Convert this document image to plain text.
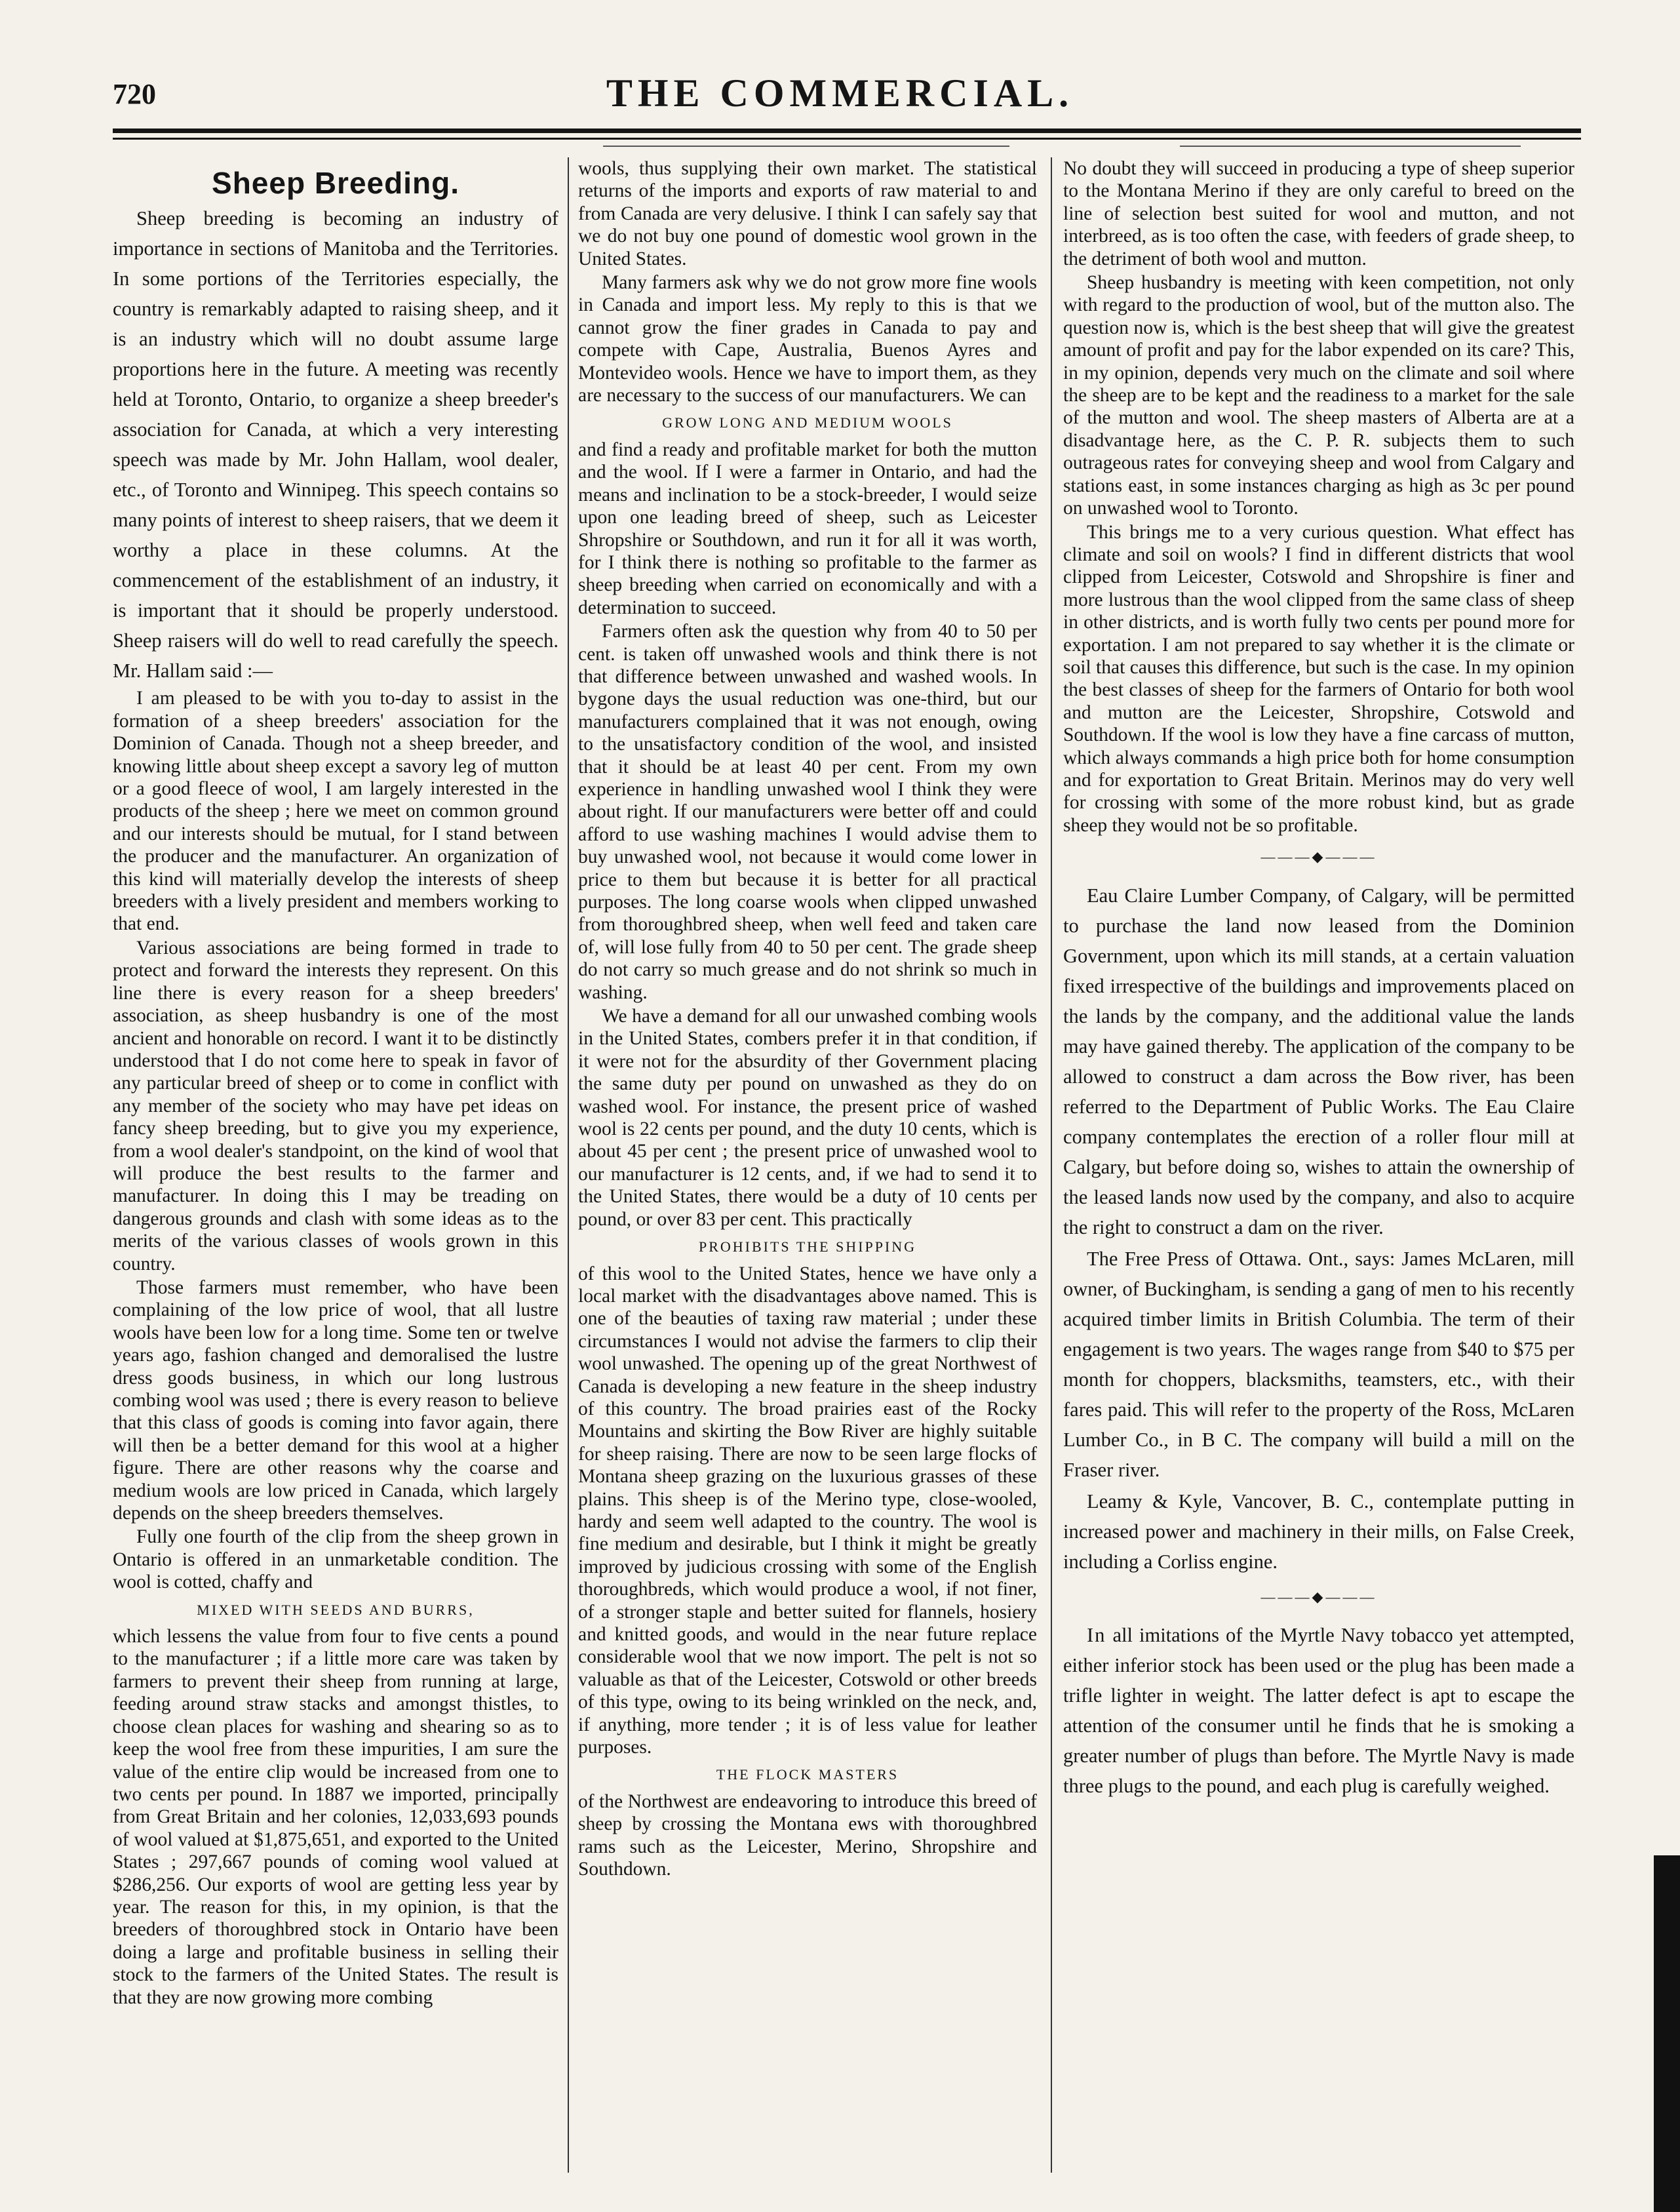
720	THE COMMERCIAL.
Sheep Breeding.

Sheep breeding is becoming an industry of importance in sections of Manitoba and the Territories. In some portions of the Territories especially, the country is remarkably adapted to raising sheep, and it is an industry which will no doubt assume large proportions here in the future. A meeting was recently held at Toronto, Ontario, to organize a sheep breeder's association for Canada, at which a very interesting speech was made by Mr. John Hallam, wool dealer, etc., of Toronto and Winnipeg. This speech contains so many points of interest to sheep raisers, that we deem it worthy a place in these columns. At the commencement of the establishment of an industry, it is important that it should be properly understood. Sheep raisers will do well to read carefully the speech. Mr. Hallam said :—

I am pleased to be with you to-day to assist in the formation of a sheep breeders' association for the Dominion of Canada. Though not a sheep breeder, and knowing little about sheep except a savory leg of mutton or a good fleece of wool, I am largely interested in the products of the sheep ; here we meet on common ground and our interests should be mutual, for I stand between the producer and the manufacturer. An organization of this kind will materially develop the interests of sheep breeders with a lively president and members working to that end.

Various associations are being formed in trade to protect and forward the interests they represent. On this line there is every reason for a sheep breeders' association, as sheep husbandry is one of the most ancient and honorable on record. I want it to be distinctly understood that I do not come here to speak in favor of any particular breed of sheep or to come in conflict with any member of the society who may have pet ideas on fancy sheep breeding, but to give you my experience, from a wool dealer's standpoint, on the kind of wool that will produce the best results to the farmer and manufacturer. In doing this I may be treading on dangerous grounds and clash with some ideas as to the merits of the various classes of wools grown in this country.

Those farmers must remember, who have been complaining of the low price of wool, that all lustre wools have been low for a long time. Some ten or twelve years ago, fashion changed and demoralised the lustre dress goods business, in which our long lustrous combing wool was used ; there is every reason to believe that this class of goods is coming into favor again, there will then be a better demand for this wool at a higher figure. There are other reasons why the coarse and medium wools are low priced in Canada, which largely depends on the sheep breeders themselves.

Fully one fourth of the clip from the sheep grown in Ontario is offered in an unmarketable condition. The wool is cotted, chaffy and

MIXED WITH SEEDS AND BURRS,

which lessens the value from four to five cents a pound to the manufacturer ; if a little more care was taken by farmers to prevent their sheep from running at large, feeding around straw stacks and amongst thistles, to choose clean places for washing and shearing so as to keep the wool free from these impurities, I am sure the value of the entire clip would be increased from one to two cents per pound. In 1887 we imported, principally from Great Britain and her colonies, 12,033,693 pounds of wool valued at $1,875,651, and exported to the United States ; 297,667 pounds of coming wool valued at $286,256. Our exports of wool are getting less year by year. The reason for this, in my opinion, is that the breeders of thoroughbred stock in Ontario have been doing a large and profitable business in selling their stock to the farmers of the United States. The result is that they are now growing more combing

wools, thus supplying their own market. The statistical returns of the imports and exports of raw material to and from Canada are very delusive. I think I can safely say that we do not buy one pound of domestic wool grown in the United States.

Many farmers ask why we do not grow more fine wools in Canada and import less. My reply to this is that we cannot grow the finer grades in Canada to pay and compete with Cape, Australia, Buenos Ayres and Montevideo wools. Hence we have to import them, as they are necessary to the success of our manufacturers. We can

GROW LONG AND MEDIUM WOOLS

and find a ready and profitable market for both the mutton and the wool. If I were a farmer in Ontario, and had the means and inclination to be a stock-breeder, I would seize upon one leading breed of sheep, such as Leicester Shropshire or Southdown, and run it for all it was worth, for I think there is nothing so profitable to the farmer as sheep breeding when carried on economically and with a determination to succeed.

Farmers often ask the question why from 40 to 50 per cent. is taken off unwashed wools and think there is not that difference between unwashed and washed wools. In bygone days the usual reduction was one-third, but our manufacturers complained that it was not enough, owing to the unsatisfactory condition of the wool, and insisted that it should be at least 40 per cent. From my own experience in handling unwashed wool I think they were about right. If our manufacturers were better off and could afford to use washing machines I would advise them to buy unwashed wool, not because it would come lower in price to them but because it is better for all practical purposes. The long coarse wools when clipped unwashed from thoroughbred sheep, when well feed and taken care of, will lose fully from 40 to 50 per cent. The grade sheep do not carry so much grease and do not shrink so much in washing.

We have a demand for all our unwashed combing wools in the United States, combers prefer it in that condition, if it were not for the absurdity of ther Government placing the same duty per pound on unwashed as they do on washed wool. For instance, the present price of washed wool is 22 cents per pound, and the duty 10 cents, which is about 45 per cent ; the present price of unwashed wool to our manufacturer is 12 cents, and, if we had to send it to the United States, there would be a duty of 10 cents per pound, or over 83 per cent. This practically

PROHIBITS THE SHIPPING

of this wool to the United States, hence we have only a local market with the disadvantages above named. This is one of the beauties of taxing raw material ; under these circumstances I would not advise the farmers to clip their wool unwashed. The opening up of the great Northwest of Canada is developing a new feature in the sheep industry of this country. The broad prairies east of the Rocky Mountains and skirting the Bow River are highly suitable for sheep raising. There are now to be seen large flocks of Montana sheep grazing on the luxurious grasses of these plains. This sheep is of the Merino type, close-wooled, hardy and seem well adapted to the country. The wool is fine medium and desirable, but I think it might be greatly improved by judicious crossing with some of the English thoroughbreds, which would produce a wool, if not finer, of a stronger staple and better suited for flannels, hosiery and knitted goods, and would in the near future replace considerable wool that we now import. The pelt is not so valuable as that of the Leicester, Cotswold or other breeds of this type, owing to its being wrinkled on the neck, and, if anything, more tender ; it is of less value for leather purposes.

THE FLOCK MASTERS

of the Northwest are endeavoring to introduce this breed of sheep by crossing the Montana ews with thoroughbred rams such as the Leicester, Merino, Shropshire and Southdown.

No doubt they will succeed in producing a type of sheep superior to the Montana Merino if they are only careful to breed on the line of selection best suited for wool and mutton, and not interbreed, as is too often the case, with feeders of grade sheep, to the detriment of both wool and mutton.

Sheep husbandry is meeting with keen competition, not only with regard to the production of wool, but of the mutton also. The question now is, which is the best sheep that will give the greatest amount of profit and pay for the labor expended on its care? This, in my opinion, depends very much on the climate and soil where the sheep are to be kept and the readiness to a market for the sale of the mutton and wool. The sheep masters of Alberta are at a disadvantage here, as the C. P. R. subjects them to such outrageous rates for conveying sheep and wool from Calgary and stations east, in some instances charging as high as 3c per pound on unwashed wool to Toronto.

This brings me to a very curious question. What effect has climate and soil on wools? I find in different districts that wool clipped from Leicester, Cotswold and Shropshire is finer and more lustrous than the wool clipped from the same class of sheep in other districts, and is worth fully two cents per pound more for exportation. I am not prepared to say whether it is the climate or soil that causes this difference, but such is the case. In my opinion the best classes of sheep for the farmers of Ontario for both wool and mutton are the Leicester, Shropshire, Cotswold and Southdown. If the wool is low they have a fine carcass of mutton, which always commands a high price both for home consumption and for exportation to Great Britain. Merinos may do very well for crossing with some of the more robust kind, but as grade sheep they would not be so profitable.

———◆———

Eau Claire Lumber Company, of Calgary, will be permitted to purchase the land now leased from the Dominion Government, upon which its mill stands, at a certain valuation fixed irrespective of the buildings and improvements placed on the lands by the company, and the additional value the lands may have gained thereby. The application of the company to be allowed to construct a dam across the Bow river, has been referred to the Department of Public Works. The Eau Claire company contemplates the erection of a roller flour mill at Calgary, but before doing so, wishes to attain the ownership of the leased lands now used by the company, and also to acquire the right to construct a dam on the river.

The Free Press of Ottawa. Ont., says: James McLaren, mill owner, of Buckingham, is sending a gang of men to his recently acquired timber limits in British Columbia. The term of their engagement is two years. The wages range from $40 to $75 per month for choppers, blacksmiths, teamsters, etc., with their fares paid. This will refer to the property of the Ross, McLaren Lumber Co., in B C. The company will build a mill on the Fraser river.

Leamy & Kyle, Vancover, B. C., contemplate putting in increased power and machinery in their mills, on False Creek, including a Corliss engine.

———◆———

In all imitations of the Myrtle Navy tobacco yet attempted, either inferior stock has been used or the plug has been made a trifle lighter in weight. The latter defect is apt to escape the attention of the consumer until he finds that he is smoking a greater number of plugs than before. The Myrtle Navy is made three plugs to the pound, and each plug is carefully weighed.
